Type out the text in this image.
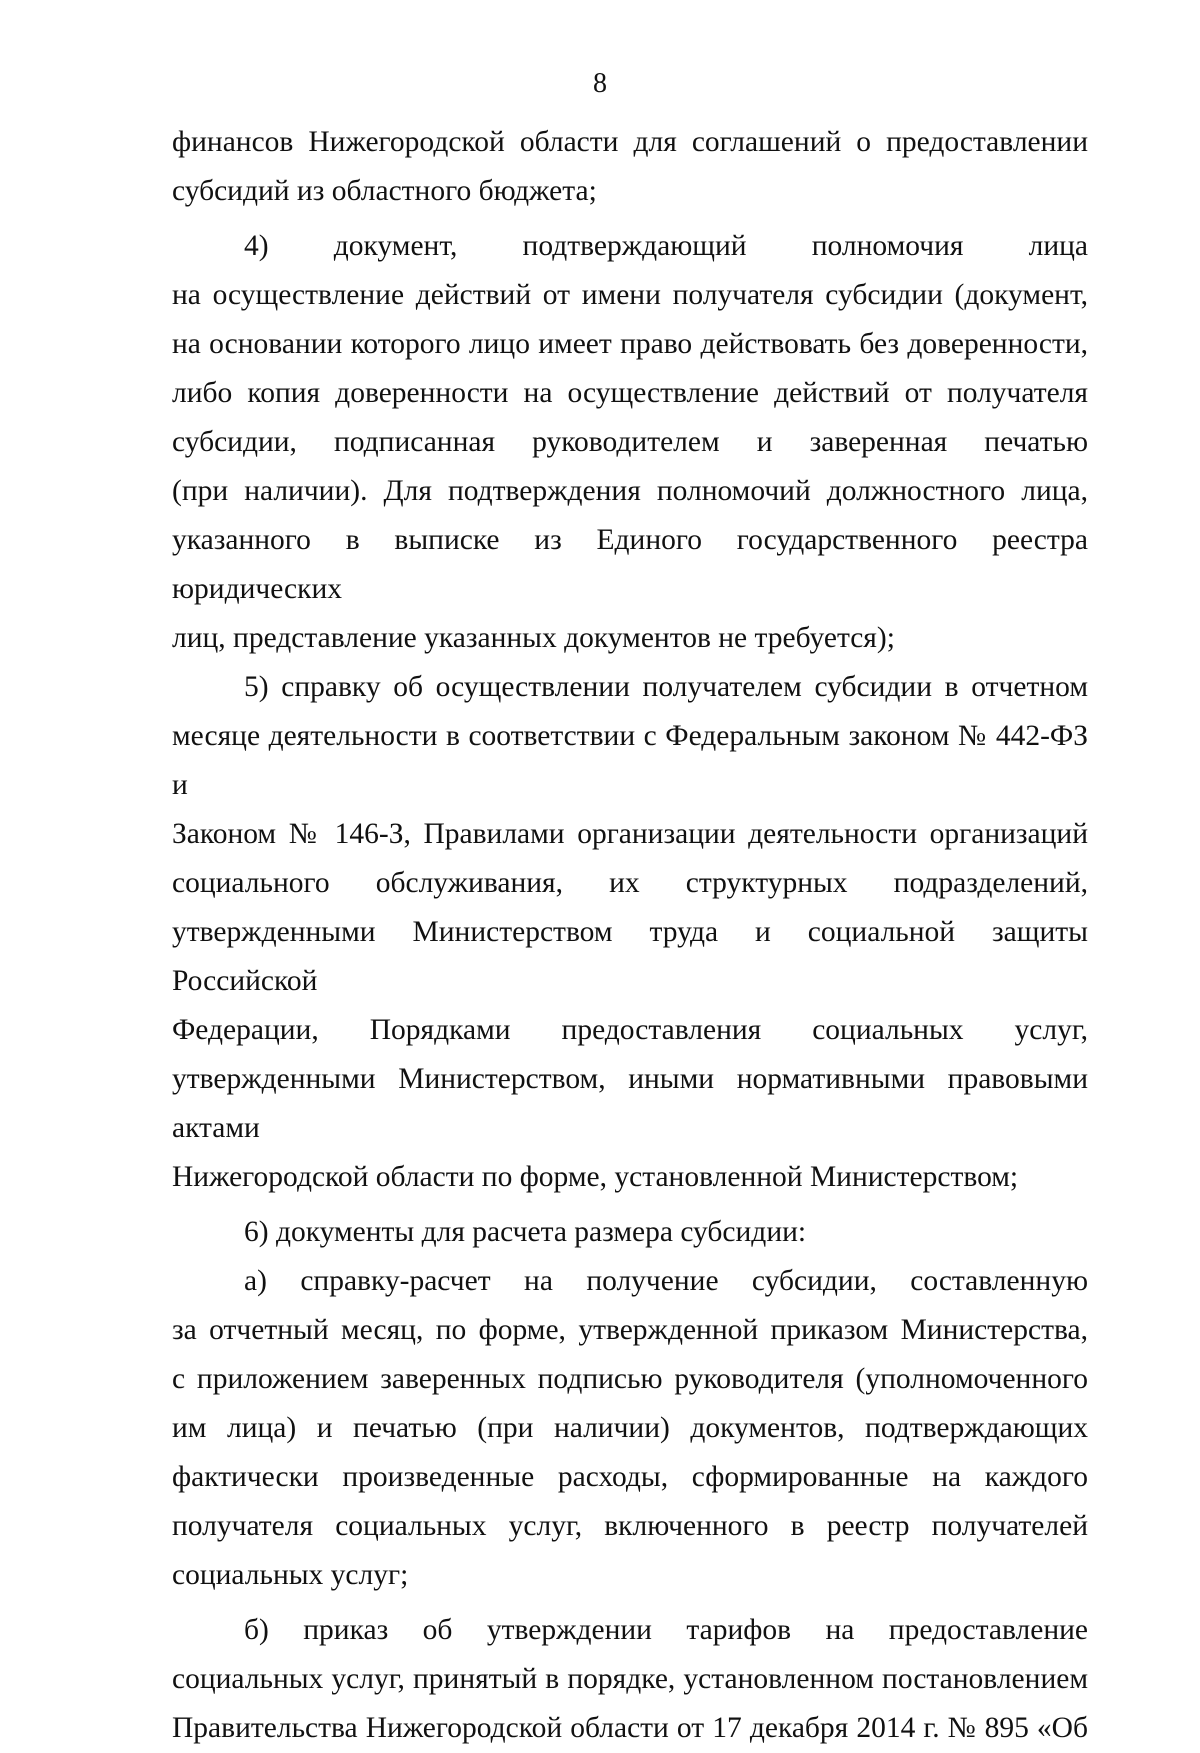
8

финансов Нижегородской области для соглашений о предоставлении
субсидий из областного бюджета;

4) документ, подтверждающий полномочия лица
на осуществление действий от имени получателя субсидии (документ,
на основании которого лицо имеет право действовать без доверенности,
либо копия доверенности на осуществление действий от получателя
субсидии, подписанная руководителем и заверенная печатью
(при наличии). Для подтверждения полномочий должностного лица,
указанного в выписке из Единого государственного реестра юридических
лиц, представление указанных документов не требуется);

5) справку об осуществлении получателем субсидии в отчетном
месяце деятельности в соответствии с Федеральным законом № 442-ФЗ и
Законом № 146-З, Правилами организации деятельности организаций
социального обслуживания, их структурных подразделений,
утвержденными Министерством труда и социальной защиты Российской
Федерации, Порядками предоставления социальных услуг,
утвержденными Министерством, иными нормативными правовыми актами
Нижегородской области по форме, установленной Министерством;

6) документы для расчета размера субсидии:

а) справку-расчет на получение субсидии, составленную
за отчетный месяц, по форме, утвержденной приказом Министерства,
с приложением заверенных подписью руководителя (уполномоченного
им лица) и печатью (при наличии) документов, подтверждающих
фактически произведенные расходы, сформированные на каждого
получателя социальных услуг, включенного в реестр получателей
социальных услуг;

б) приказ об утверждении тарифов на предоставление
социальных услуг, принятый в порядке, установленном постановлением
Правительства Нижегородской области от 17 декабря 2014 г. № 895 «Об
